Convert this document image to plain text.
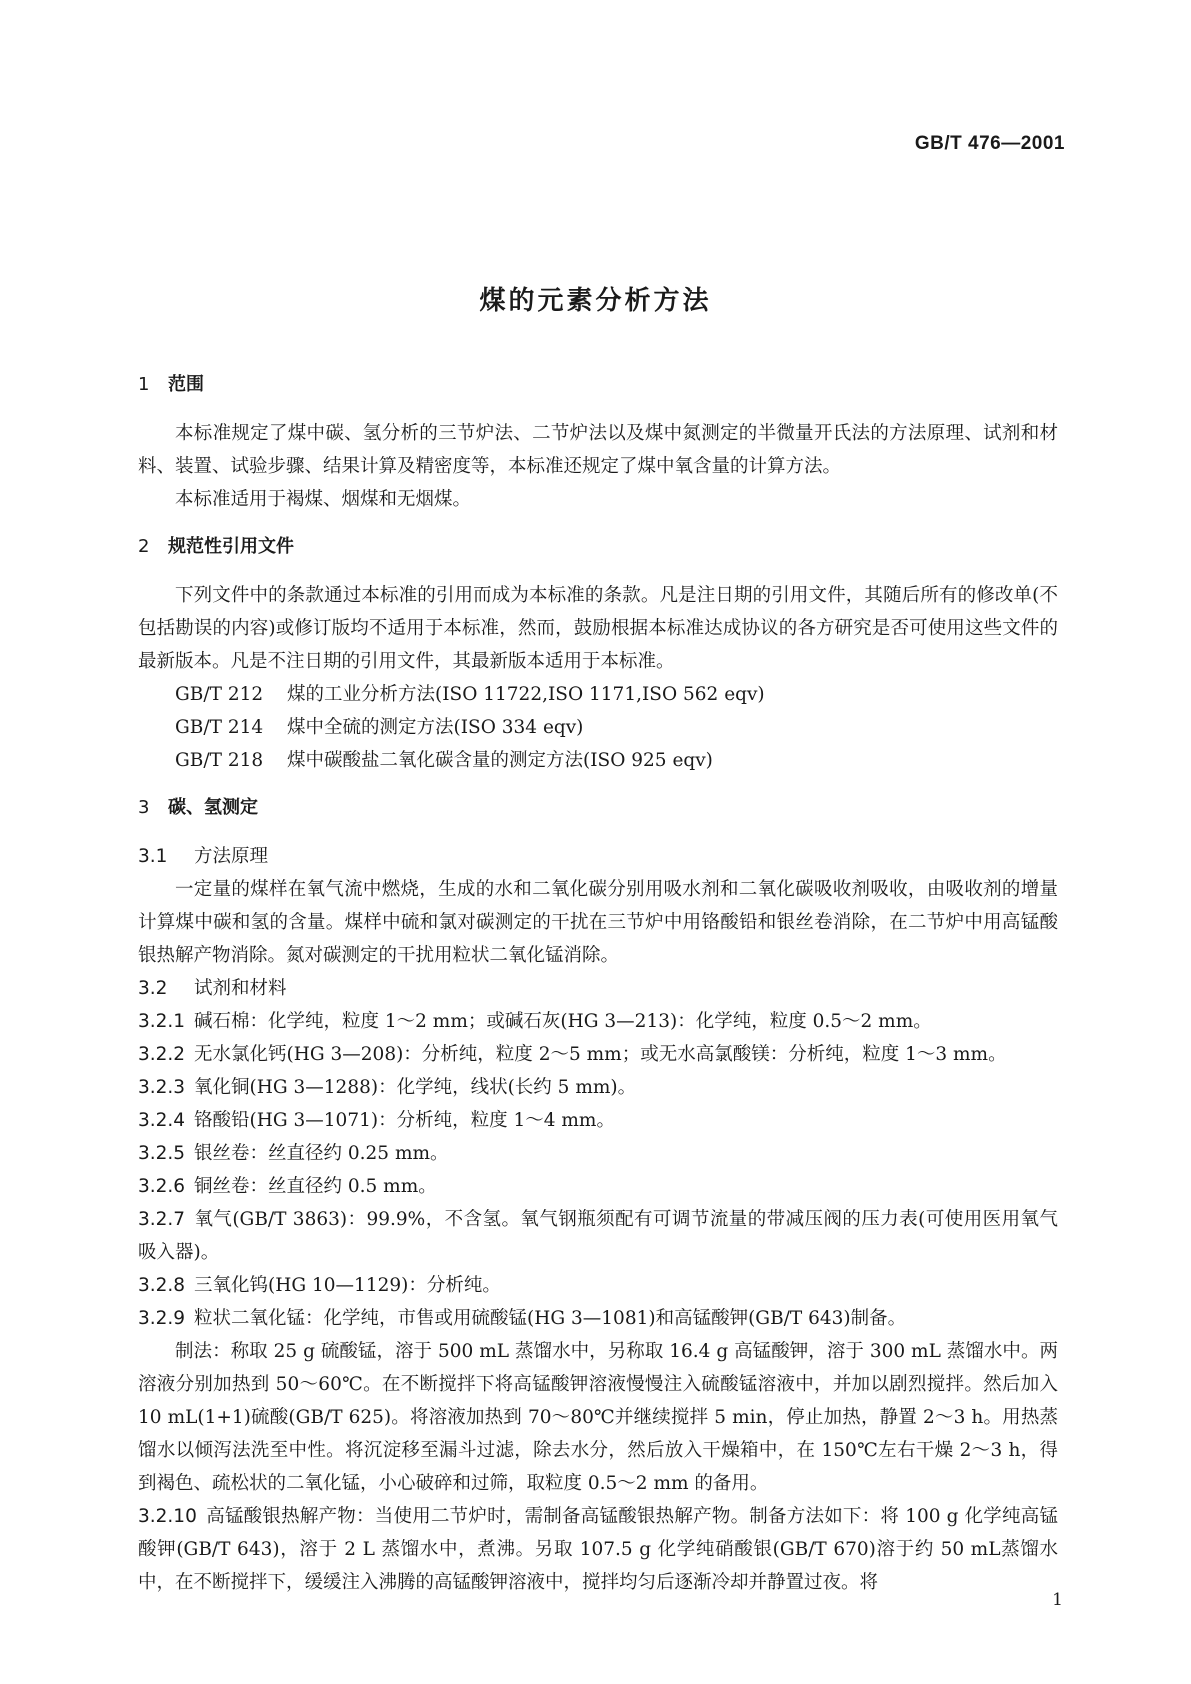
GB/T 476—2001
煤的元素分析方法
1 范围

本标准规定了煤中碳、氢分析的三节炉法、二节炉法以及煤中氮测定的半微量开氏法的方法原理、试剂和材料、装置、试验步骤、结果计算及精密度等，本标准还规定了煤中氧含量的计算方法。

本标准适用于褐煤、烟煤和无烟煤。

2 规范性引用文件

下列文件中的条款通过本标准的引用而成为本标准的条款。凡是注日期的引用文件，其随后所有的修改单(不包括勘误的内容)或修订版均不适用于本标准，然而，鼓励根据本标准达成协议的各方研究是否可使用这些文件的最新版本。凡是不注日期的引用文件，其最新版本适用于本标准。

GB/T 212 煤的工业分析方法(ISO 11722,ISO 1171,ISO 562 eqv)

GB/T 214 煤中全硫的测定方法(ISO 334 eqv)

GB/T 218 煤中碳酸盐二氧化碳含量的测定方法(ISO 925 eqv)

3 碳、氢测定

3.1 方法原理

一定量的煤样在氧气流中燃烧，生成的水和二氧化碳分别用吸水剂和二氧化碳吸收剂吸收，由吸收剂的增量计算煤中碳和氢的含量。煤样中硫和氯对碳测定的干扰在三节炉中用铬酸铅和银丝卷消除，在二节炉中用高锰酸银热解产物消除。氮对碳测定的干扰用粒状二氧化锰消除。

3.2 试剂和材料

3.2.1 碱石棉：化学纯，粒度 1～2 mm；或碱石灰(HG 3—213)：化学纯，粒度 0.5～2 mm。

3.2.2 无水氯化钙(HG 3—208)：分析纯，粒度 2～5 mm；或无水高氯酸镁：分析纯，粒度 1～3 mm。

3.2.3 氧化铜(HG 3—1288)：化学纯，线状(长约 5 mm)。

3.2.4 铬酸铅(HG 3—1071)：分析纯，粒度 1～4 mm。

3.2.5 银丝卷：丝直径约 0.25 mm。

3.2.6 铜丝卷：丝直径约 0.5 mm。

3.2.7 氧气(GB/T 3863)：99.9%，不含氢。氧气钢瓶须配有可调节流量的带减压阀的压力表(可使用医用氧气吸入器)。

3.2.8 三氧化钨(HG 10—1129)：分析纯。

3.2.9 粒状二氧化锰：化学纯，市售或用硫酸锰(HG 3—1081)和高锰酸钾(GB/T 643)制备。

制法：称取 25 g 硫酸锰，溶于 500 mL 蒸馏水中，另称取 16.4 g 高锰酸钾，溶于 300 mL 蒸馏水中。两溶液分别加热到 50～60℃。在不断搅拌下将高锰酸钾溶液慢慢注入硫酸锰溶液中，并加以剧烈搅拌。然后加入 10 mL(1+1)硫酸(GB/T 625)。将溶液加热到 70～80℃并继续搅拌 5 min，停止加热，静置 2～3 h。用热蒸馏水以倾泻法洗至中性。将沉淀移至漏斗过滤，除去水分，然后放入干燥箱中，在 150℃左右干燥 2～3 h，得到褐色、疏松状的二氧化锰，小心破碎和过筛，取粒度 0.5～2 mm 的备用。

3.2.10 高锰酸银热解产物：当使用二节炉时，需制备高锰酸银热解产物。制备方法如下：将 100 g 化学纯高锰酸钾(GB/T 643)，溶于 2 L 蒸馏水中，煮沸。另取 107.5 g 化学纯硝酸银(GB/T 670)溶于约 50 mL蒸馏水中，在不断搅拌下，缓缓注入沸腾的高锰酸钾溶液中，搅拌均匀后逐渐冷却并静置过夜。将

1
